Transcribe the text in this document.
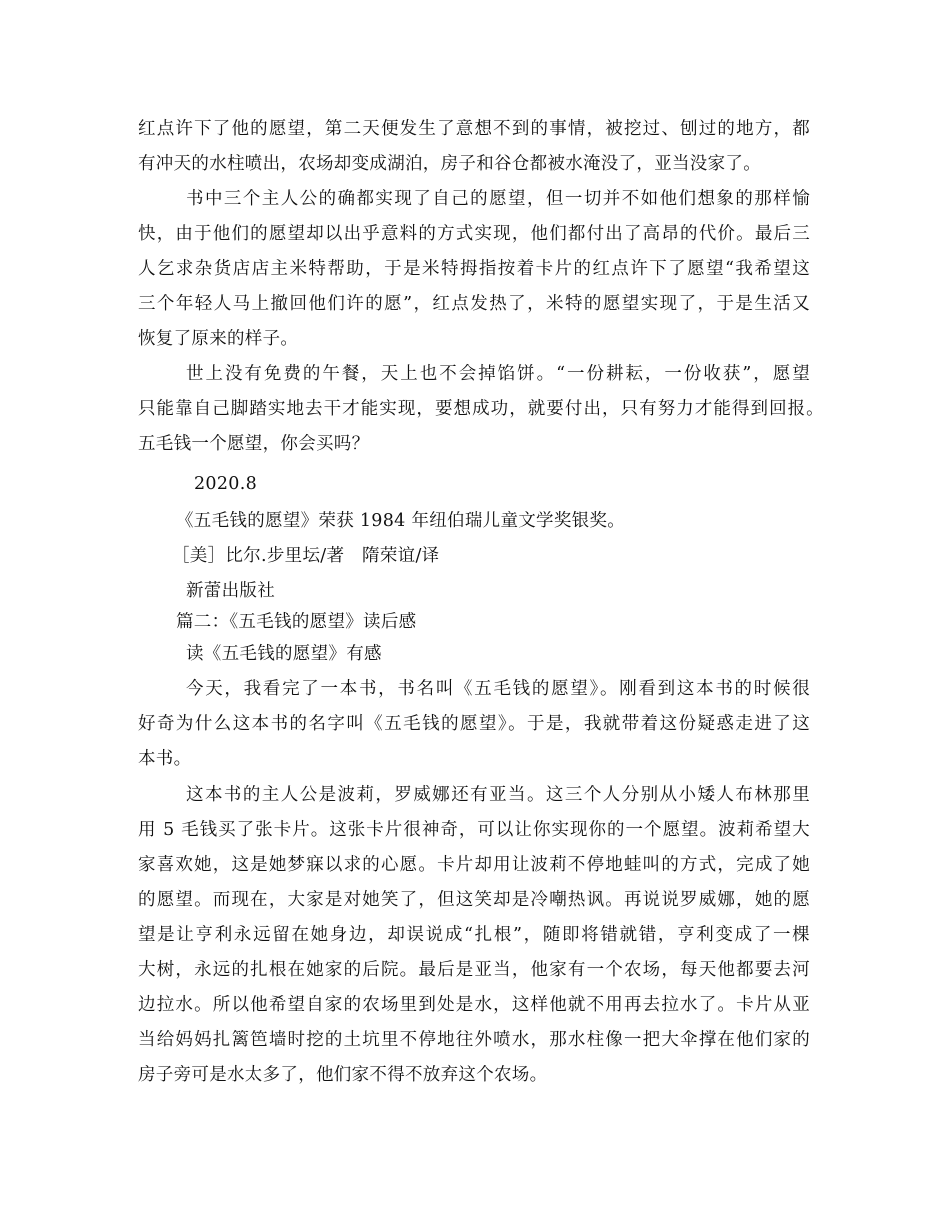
红点许下了他的愿望，第二天便发生了意想不到的事情，被挖过、刨过的地方，都
有冲天的水柱喷出，农场却变成湖泊，房子和谷仓都被水淹没了，亚当没家了。
书中三个主人公的确都实现了自己的愿望，但一切并不如他们想象的那样愉
快，由于他们的愿望却以出乎意料的方式实现，他们都付出了高昂的代价。最后三
人乞求杂货店店主米特帮助，于是米特拇指按着卡片的红点许下了愿望“我希望这
三个年轻人马上撤回他们许的愿”，红点发热了，米特的愿望实现了，于是生活又
恢复了原来的样子。
世上没有免费的午餐，天上也不会掉馅饼。“一份耕耘，一份收获”，愿望
只能靠自己脚踏实地去干才能实现，要想成功，就要付出，只有努力才能得到回报。
五毛钱一个愿望，你会买吗？
2020.8
《五毛钱的愿望》荣获 1984 年纽伯瑞儿童文学奖银奖。
［美］比尔.步里坛/著　隋荣谊/译
新蕾出版社
篇二：《五毛钱的愿望》读后感
读《五毛钱的愿望》有感
今天，我看完了一本书，书名叫《五毛钱的愿望》。刚看到这本书的时候很
好奇为什么这本书的名字叫《五毛钱的愿望》。于是，我就带着这份疑惑走进了这
本书。
这本书的主人公是波莉，罗威娜还有亚当。这三个人分别从小矮人布林那里
用 5 毛钱买了张卡片。这张卡片很神奇，可以让你实现你的一个愿望。波莉希望大
家喜欢她，这是她梦寐以求的心愿。卡片却用让波莉不停地蛙叫的方式，完成了她
的愿望。而现在，大家是对她笑了，但这笑却是冷嘲热讽。再说说罗威娜，她的愿
望是让亨利永远留在她身边，却误说成“扎根”，随即将错就错，亨利变成了一棵
大树，永远的扎根在她家的后院。最后是亚当，他家有一个农场，每天他都要去河
边拉水。所以他希望自家的农场里到处是水，这样他就不用再去拉水了。卡片从亚
当给妈妈扎篱笆墙时挖的土坑里不停地往外喷水，那水柱像一把大伞撑在他们家的
房子旁可是水太多了，他们家不得不放弃这个农场。
